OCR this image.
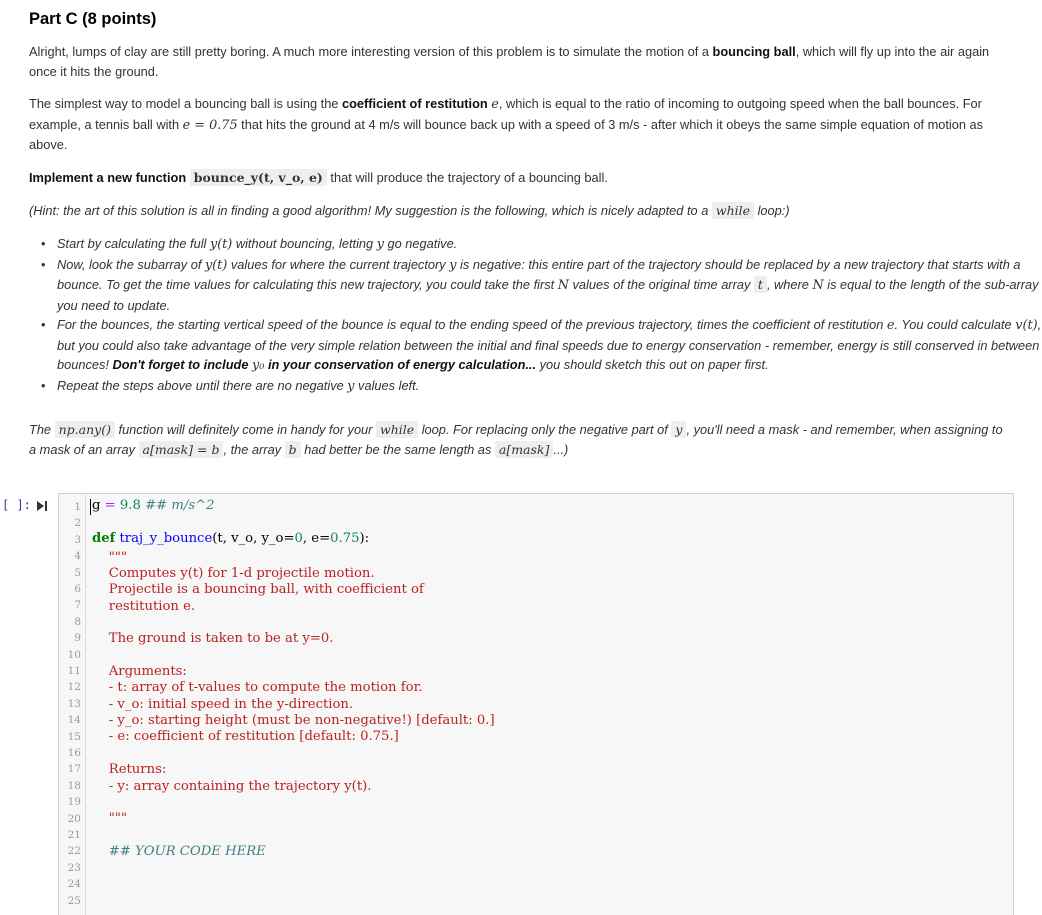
Part C (8 points)

Alright, lumps of clay are still pretty boring. A much more interesting version of this problem is to simulate the motion of a bouncing ball, which will fly up into the air again once it hits the ground.

The simplest way to model a bouncing ball is using the coefficient of restitution e, which is equal to the ratio of incoming to outgoing speed when the ball bounces. For example, a tennis ball with e = 0.75 that hits the ground at 4 m/s will bounce back up with a speed of 3 m/s - after which it obeys the same simple equation of motion as above.

Implement a new function bounce_y(t, v_o, e) that will produce the trajectory of a bouncing ball.

(Hint: the art of this solution is all in finding a good algorithm! My suggestion is the following, which is nicely adapted to a while loop:)

• Start by calculating the full y(t) without bouncing, letting y go negative.
• Now, look the subarray of y(t) values for where the current trajectory y is negative: this entire part of the trajectory should be replaced by a new trajectory that starts with a bounce. To get the time values for calculating this new trajectory, you could take the first N values of the original time array t , where N is equal to the length of the sub-array you need to update.
• For the bounces, the starting vertical speed of the bounce is equal to the ending speed of the previous trajectory, times the coefficient of restitution e. You could calculate v(t), but you could also take advantage of the very simple relation between the initial and final speeds due to energy conservation - remember, energy is still conserved in between bounces! Don't forget to include y₀ in your conservation of energy calculation... you should sketch this out on paper first.
• Repeat the steps above until there are no negative y values left.

The np.any() function will definitely come in handy for your while loop. For replacing only the negative part of y , you'll need a mask - and remember, when assigning to a mask of an array a[mask] = b , the array b had better be the same length as a[mask] ...)

[ ]:	1
2
3
4
5
6
7
8
9
10
11
12
13
14
15
16
17
18
19
20
21
22
23
24
25
g = 9.8 ## m/s^2
def traj_y_bounce(t, v_o, y_o=0, e=0.75):
"""
Computes y(t) for 1-d projectile motion.
Projectile is a bouncing ball, with coefficient of
restitution e.
The ground is taken to be at y=0.
Arguments:
- t: array of t-values to compute the motion for.
- v_o: initial speed in the y-direction.
- y_o: starting height (must be non-negative!) [default: 0.]
- e: coefficient of restitution [default: 0.75.]
Returns:
- y: array containing the trajectory y(t).
"""
## YOUR CODE HERE
